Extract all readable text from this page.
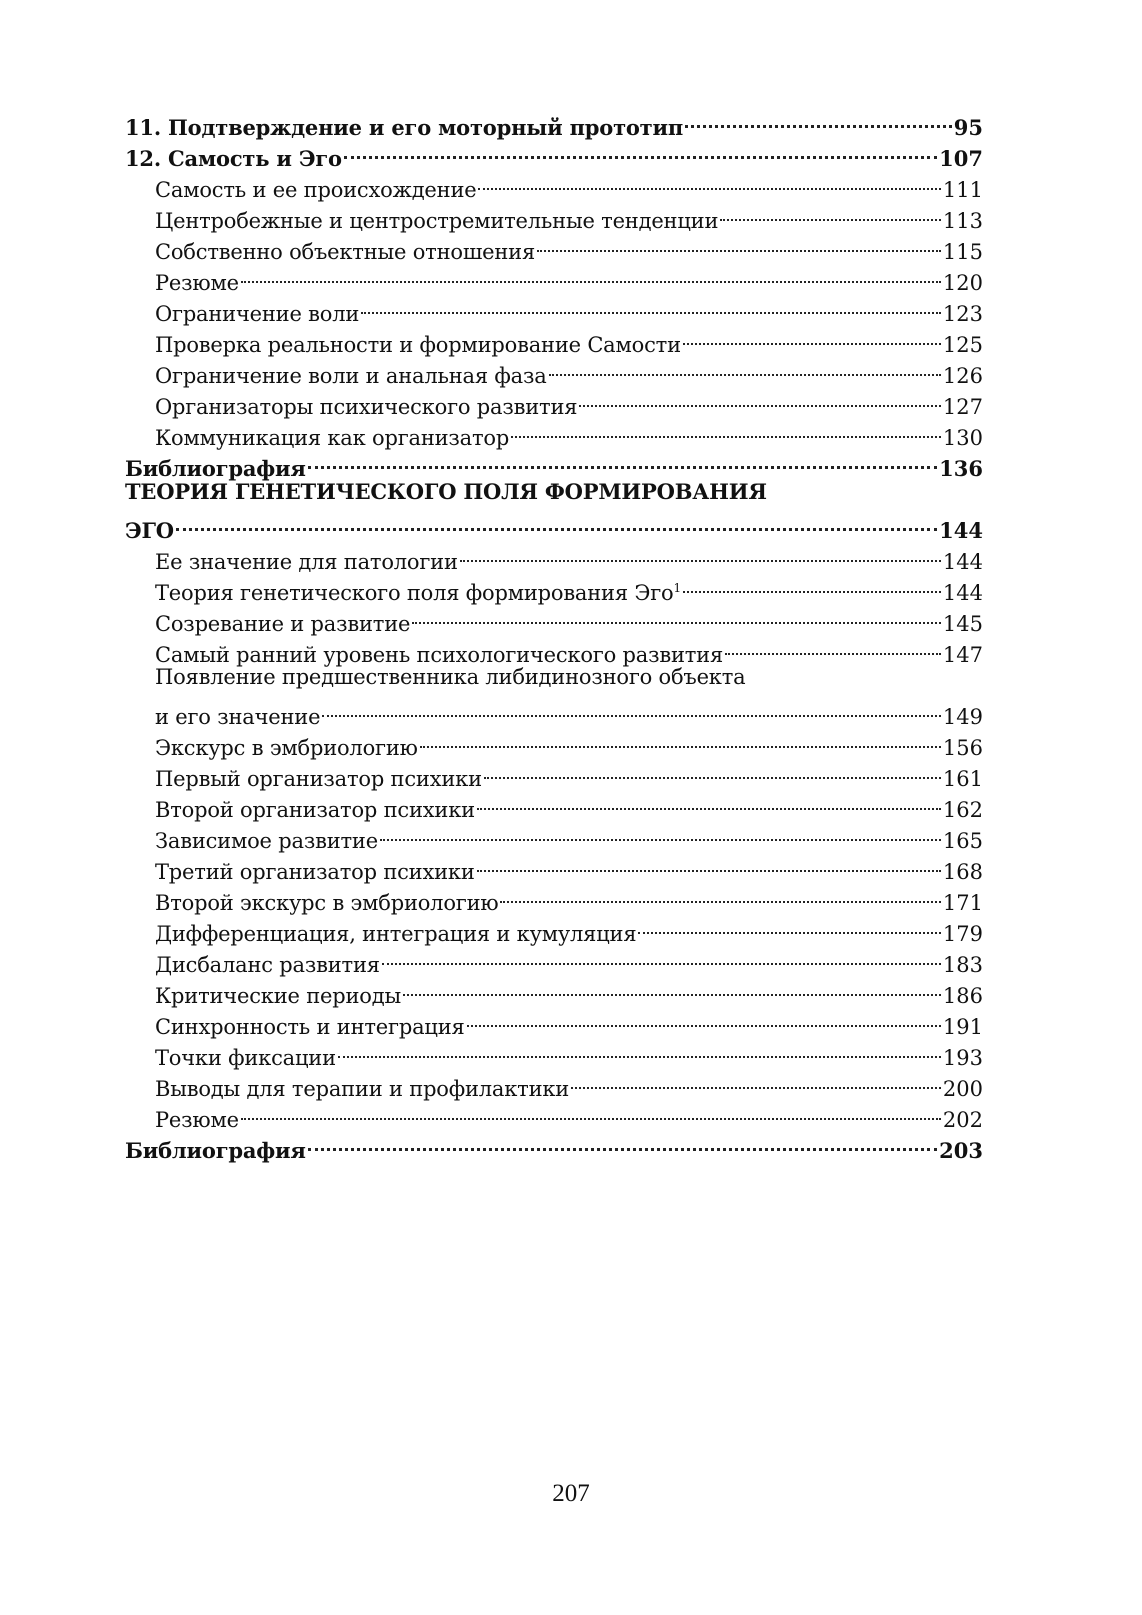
11. Подтверждение и его моторный прототип	95
12. Самость и Эго	107
Самость и ее происхождение	111
Центробежные и центростремительные тенденции	113
Собственно объектные отношения	115
Резюме	120
Ограничение воли	123
Проверка реальности и формирование Самости	125
Ограничение воли и анальная фаза	126
Организаторы психического развития	127
Коммуникация как организатор	130
Библиография	136
ТЕОРИЯ ГЕНЕТИЧЕСКОГО ПОЛЯ ФОРМИРОВАНИЯ
ЭГО	144
Ее значение для патологии	144
Теория генетического поля формирования Эго$^1$	144
Созревание и развитие	145
Самый ранний уровень психологического развития	147
Появление предшественника либидинозного объекта
и его значение	149
Экскурс в эмбриологию	156
Первый организатор психики	161
Второй организатор психики	162
Зависимое развитие	165
Третий организатор психики	168
Второй экскурс в эмбриологию	171
Дифференциация, интеграция и кумуляция	179
Дисбаланс развития	183
Критические периоды	186
Синхронность и интеграция	191
Точки фиксации	193
Выводы для терапии и профилактики	200
Резюме	202
Библиография	203
207
